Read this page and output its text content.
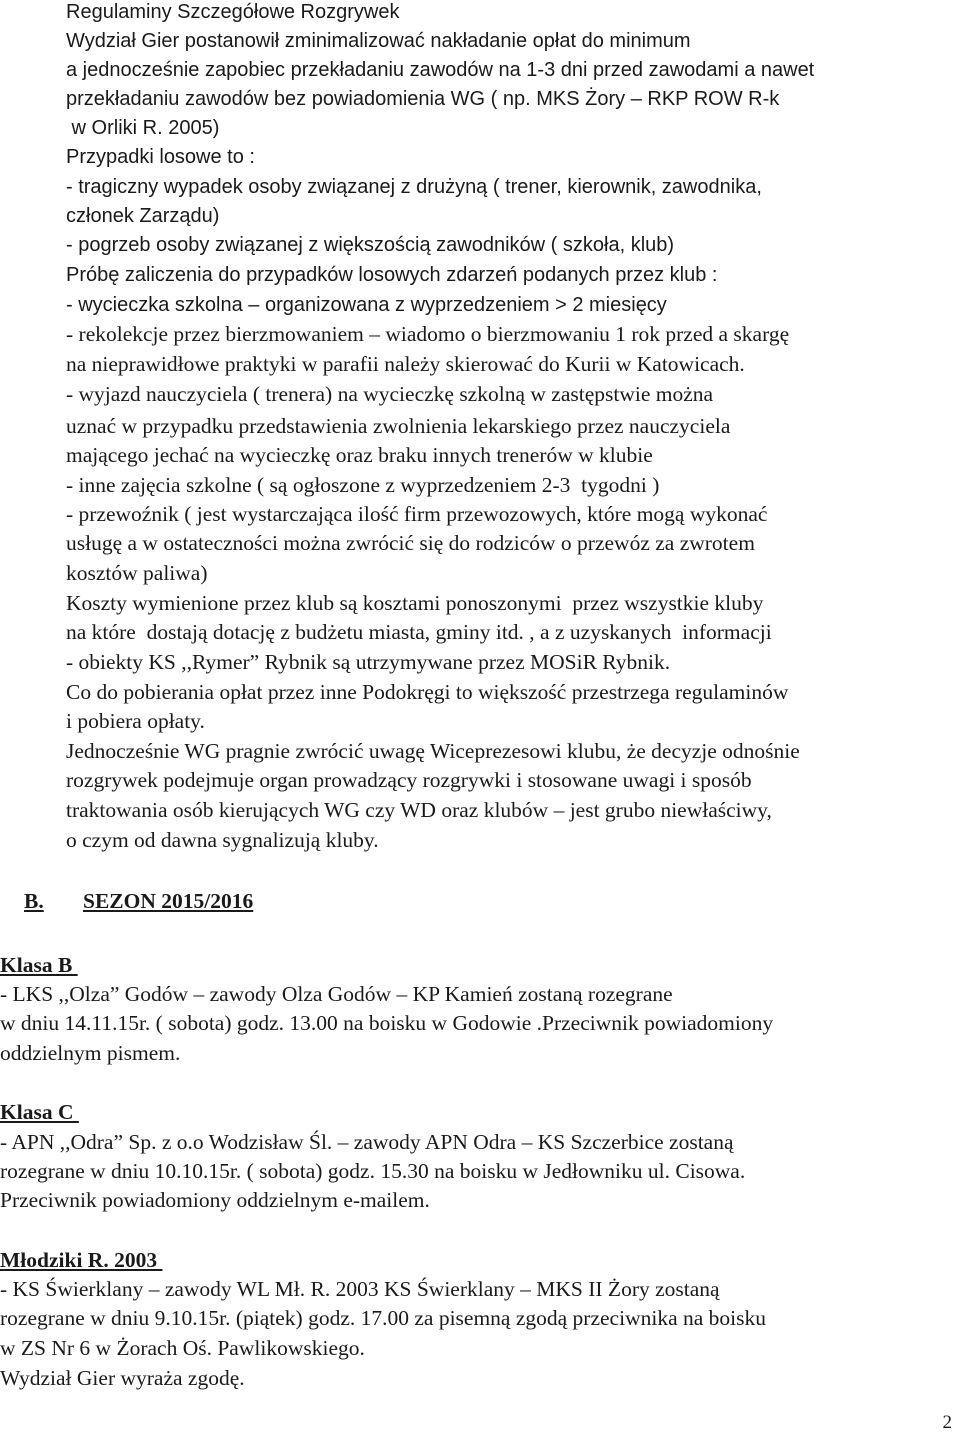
Regulaminy Szczegółowe Rozgrywek

Wydział Gier postanowił zminimalizować nakładanie opłat do minimum

a jednocześnie zapobiec przekładaniu zawodów na 1-3 dni przed zawodami a nawet

przekładaniu zawodów bez powiadomienia WG ( np. MKS Żory – RKP ROW R-k

w Orliki R. 2005)

Przypadki losowe to :

- tragiczny wypadek osoby związanej z drużyną ( trener, kierownik, zawodnika,

członek Zarządu)

- pogrzeb osoby związanej z większością zawodników ( szkoła, klub)

Próbę zaliczenia do przypadków losowych zdarzeń podanych przez klub :

- wycieczka szkolna – organizowana z wyprzedzeniem > 2 miesięcy

- rekolekcje przez bierzmowaniem – wiadomo o bierzmowaniu 1 rok przed a skargę

na nieprawidłowe praktyki w parafii należy skierować do Kurii w Katowicach.

- wyjazd nauczyciela ( trenera) na wycieczkę szkolną w zastępstwie można

uznać w przypadku przedstawienia zwolnienia lekarskiego przez nauczyciela

mającego jechać na wycieczkę oraz braku innych trenerów w klubie

- inne zajęcia szkolne ( są ogłoszone z wyprzedzeniem 2-3  tygodni )

- przewoźnik ( jest wystarczająca ilość firm przewozowych, które mogą wykonać

usługę a w ostateczności można zwrócić się do rodziców o przewóz za zwrotem

kosztów paliwa)

Koszty wymienione przez klub są kosztami ponoszonymi  przez wszystkie kluby

na które  dostają dotację z budżetu miasta, gminy itd. , a z uzyskanych  informacji

- obiekty KS ,,Rymer” Rybnik są utrzymywane przez MOSiR Rybnik.

Co do pobierania opłat przez inne Podokręgi to większość przestrzega regulaminów

i pobiera opłaty.

Jednocześnie WG pragnie zwrócić uwagę Wiceprezesowi klubu, że decyzje odnośnie

rozgrywek podejmuje organ prowadzący rozgrywki i stosowane uwagi i sposób

traktowania osób kierujących WG czy WD oraz klubów – jest grubo niewłaściwy,

o czym od dawna sygnalizują kluby.

B. SEZON 2015/2016

Klasa B

- LKS ,,Olza” Godów – zawody Olza Godów – KP Kamień zostaną rozegrane

w dniu 14.11.15r. ( sobota) godz. 13.00 na boisku w Godowie .Przeciwnik powiadomiony

oddzielnym pismem.

Klasa C

- APN ,,Odra” Sp. z o.o Wodzisław Śl. – zawody APN Odra – KS Szczerbice zostaną

rozegrane w dniu 10.10.15r. ( sobota) godz. 15.30 na boisku w Jedłowniku ul. Cisowa.

Przeciwnik powiadomiony oddzielnym e-mailem.

Młodziki R. 2003

- KS Świerklany – zawody WL Mł. R. 2003 KS Świerklany – MKS II Żory zostaną

rozegrane w dniu 9.10.15r. (piątek) godz. 17.00 za pisemną zgodą przeciwnika na boisku

w ZS Nr 6 w Żorach Oś. Pawlikowskiego.

Wydział Gier wyraża zgodę.

2
